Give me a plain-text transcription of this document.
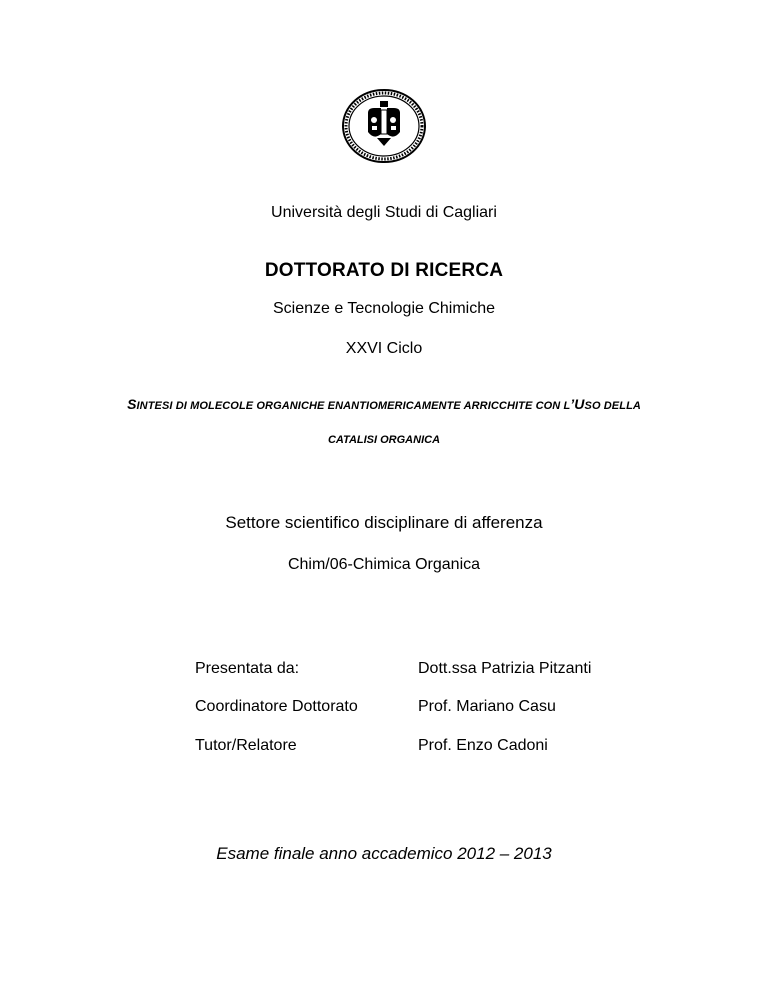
Università degli Studi di Cagliari
DOTTORATO DI RICERCA
Scienze e Tecnologie Chimiche
XXVI Ciclo
SINTESI DI MOLECOLE ORGANICHE ENANTIOMERICAMENTE ARRICCHITE CON L’USO DELLA
CATALISI ORGANICA
Settore scientifico disciplinare di afferenza
Chim/06-Chimica Organica
Presentata da:	Dott.ssa Patrizia Pitzanti
Coordinatore Dottorato	Prof. Mariano Casu
Tutor/Relatore	Prof. Enzo Cadoni
Esame finale anno accademico 2012 – 2013
